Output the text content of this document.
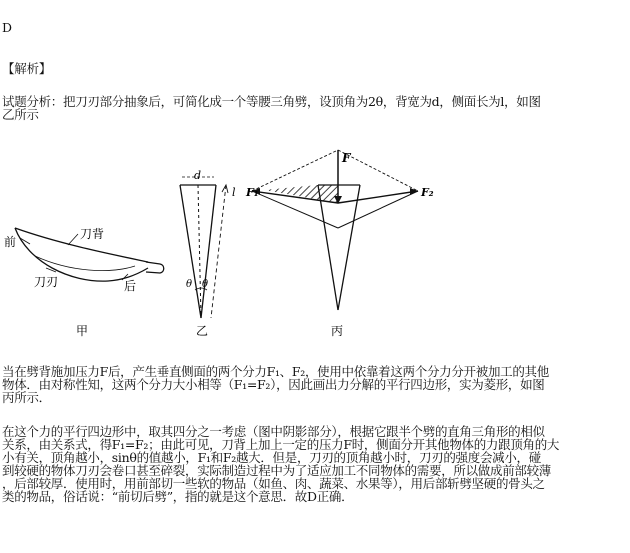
D
【解析】
试题分析：把刀刃部分抽象后，可简化成一个等腰三角劈，设顶角为2θ，背宽为d，侧面长为l，如图
乙所示
刀背
前
刀刃	后
甲
d
l
θ θ
乙
F
F₁	F₂
丙
当在劈背施加压力F后，产生垂直侧面的两个分力F₁、F₂，使用中依靠着这两个分力分开被加工的其他
物体．由对称性知，这两个分力大小相等（F₁=F₂），因此画出力分解的平行四边形，实为菱形，如图
丙所示．
在这个力的平行四边形中，取其四分之一考虑（图中阴影部分），根据它跟半个劈的直角三角形的相似
关系，由关系式，得F₁=F₂；由此可见，刀背上加上一定的压力F时，侧面分开其他物体的力跟顶角的大
小有关，顶角越小，sinθ的值越小，F₁和F₂越大．但是，刀刃的顶角越小时，刀刃的强度会减小，碰
到较硬的物体刀刃会卷口甚至碎裂，实际制造过程中为了适应加工不同物体的需要，所以做成前部较薄
，后部较厚．使用时，用前部切一些软的物品（如鱼、肉、蔬菜、水果等），用后部斩劈坚硬的骨头之
类的物品，俗话说：“前切后劈”，指的就是这个意思．故D正确．
